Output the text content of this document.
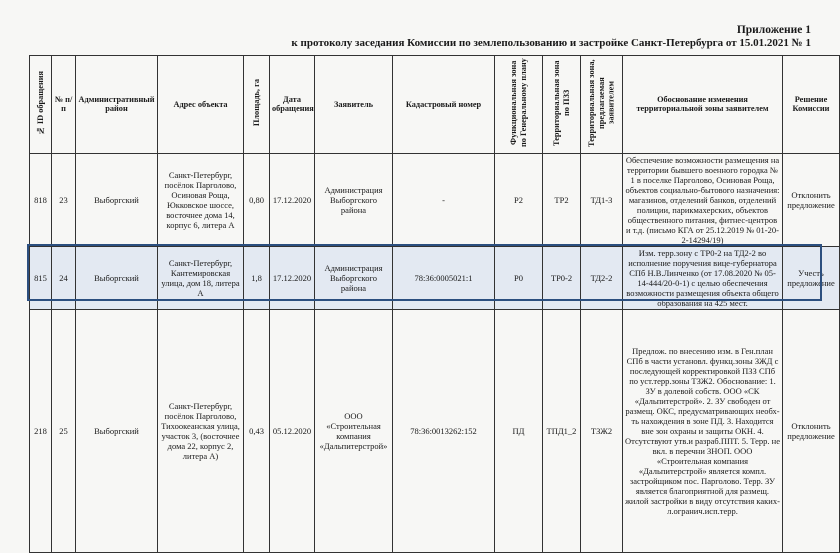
Приложение 1
к протоколу заседания Комиссии по землепользованию и застройке Санкт-Петербурга от 15.01.2021 № 1
№ ID обращения	№ п/п	Административный район	Адрес объекта	Площадь, га	Дата обращения	Заявитель	Кадастровый номер	Функциональная зона по Генеральному плану	Территориальная зона по ПЗЗ	Территориальная зона, предлагаемая заявителем	Обоснование изменения территориальной зоны заявителем	Решение Комиссии
818	23	Выборгский	Санкт-Петербург, посёлок Парголово, Осиновая Роща, Юкковское шоссе, восточнее дома 14, корпус 6, литера А	0,80	17.12.2020	Администрация Выборгского района	-	Р2	ТР2	ТД1-3	Обеспечение возможности размещения на территории бывшего военного городка № 1 в поселке Парголово, Осиновая Роща, объектов социально-бытового назначения: магазинов, отделений банков, отделений полиции, парикмахерских, объектов общественного питания, фитнес-центров и т.д. (письмо КГА от 25.12.2019 № 01-20-2-14294/19)	Отклонить предложение
815	24	Выборгский	Санкт-Петербург, Кантемировская улица, дом 18, литера А	1,8	17.12.2020	Администрация Выборгского района	78:36:0005021:1	Р0	ТР0-2	ТД2-2	Изм. терр.зону с ТР0-2 на ТД2-2 во исполнение поручения вице-губернатора СПб Н.В.Линченко (от 17.08.2020 № 05-14-444/20-0-1) с целью обеспечения возможности размещения объекта общего образования на 425 мест.	Учесть предложение
218	25	Выборгский	Санкт-Петербург, посёлок Парголово, Тихоокеанская улица, участок 3, (восточнее дома 22, корпус 2, литера А)	0,43	05.12.2020	ООО «Строительная компания «Дальпитерстрой»	78:36:0013262:152	ПД	ТПД1_2	ТЗЖ2	Предлож. по внесению изм. в Ген.план СПб в части установл. функц.зоны ЗЖД с последующей корректировкой ПЗЗ СПб по уст.терр.зоны ТЗЖ2. Обоснование: 1. ЗУ в долевой собств. ООО «СК «Дальпитерстрой». 2. ЗУ свободен от размещ. ОКС, предусматривающих необх-ть нахождения в зоне ПД. 3. Находится вне зон охраны и защиты ОКН. 4. Отсутствуют утв.и разраб.ППТ. 5. Терр. не вкл. в перечни ЗНОП. ООО «Строительная компания «Дальпитерстрой» является компл. застройщиком пос. Парголово. Терр. ЗУ является благоприятной для размещ. жилой застройки в виду отсутствия каких-л.огранич.исп.терр.	Отклонить предложение
